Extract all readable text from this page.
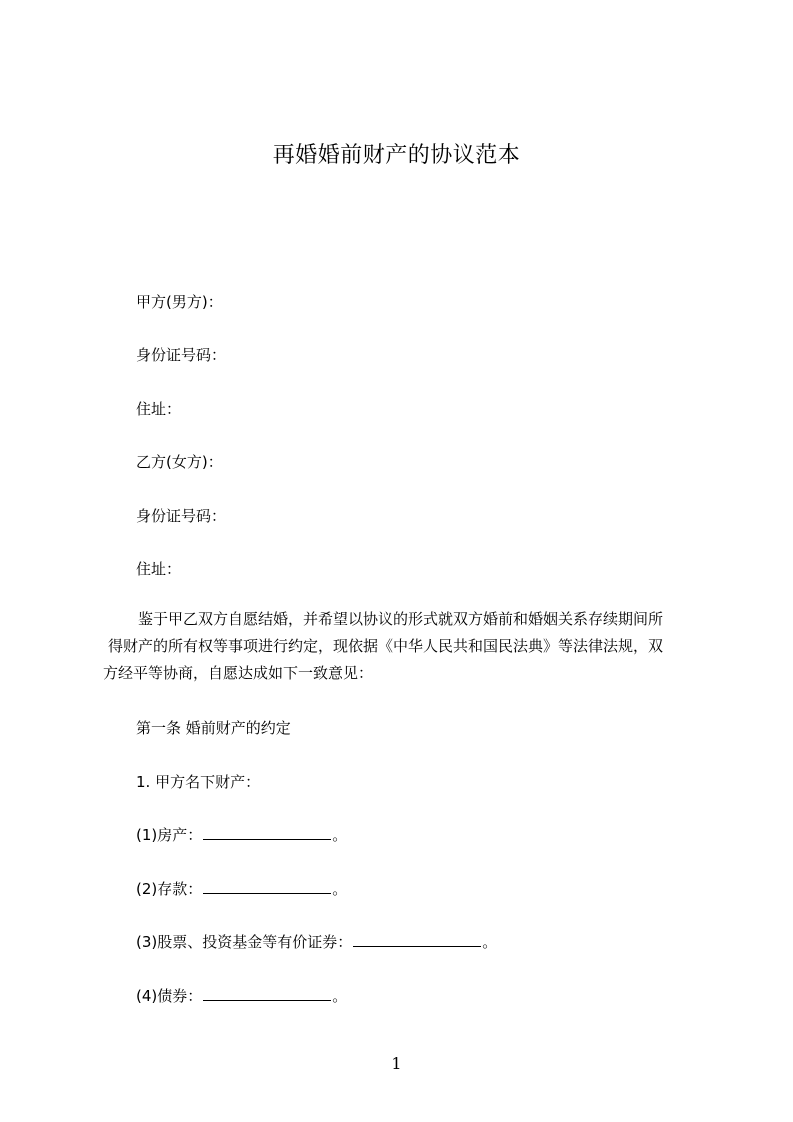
再婚婚前财产的协议范本
甲方(男方)：
身份证号码：
住址：
乙方(女方)：
身份证号码：
住址：

鉴于甲乙双方自愿结婚，并希望以协议的形式就双方婚前和婚姻关系存续期间所

得财产的所有权等事项进行约定，现依据《中华人民共和国民法典》等法律法规，双

方经平等协商，自愿达成如下一致意见：

第一条 婚前财产的约定
1. 甲方名下财产：
(1)房产：	。
(2)存款：	。
(3)股票、投资基金等有价证券：	。
(4)债券：	。
1
